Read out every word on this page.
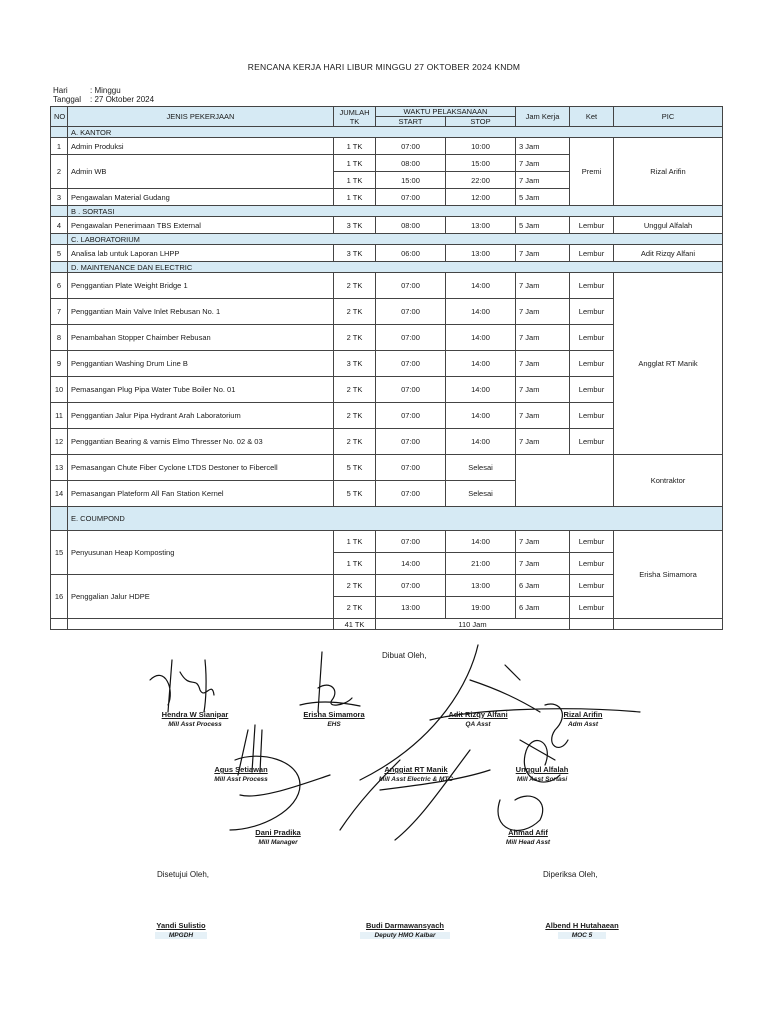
RENCANA KERJA HARI LIBUR MINGGU 27 OKTOBER 2024 KNDM
Hari	: Minggu
Tanggal : 27 Oktober 2024
NO	JENIS PEKERJAAN	JUMLAH TK	WAKTU PELAKSANAAN		Jam Kerja	Ket	PIC
			START	STOP			
	A. KANTOR						
1	Admin Produksi	1 TK	07:00	10:00	3 Jam	Premi	Rizal Arifin
2	Admin WB	1 TK	08:00	15:00	7 Jam		
		1 TK	15:00	22:00	7 Jam		
3	Pengawalan Material Gudang	1 TK	07:00	12:00	5 Jam		
	B . SORTASI						
4	Pengawalan Penerimaan TBS External	3 TK	08:00	13:00	5 Jam	Lembur	Unggul Alfalah
	C. LABORATORIUM						
5	Analisa lab untuk Laporan LHPP	3 TK	06:00	13:00	7 Jam	Lembur	Adit Rizqy Alfani
	D. MAINTENANCE DAN ELECTRIC						
6	Penggantian Plate Weight Bridge 1	2 TK	07:00	14:00	7 Jam	Lembur	Angglat RT Manik
7	Penggantian Main Valve Inlet Rebusan No. 1	2 TK	07:00	14:00	7 Jam	Lembur	
8	Penambahan Stopper Chaimber Rebusan	2 TK	07:00	14:00	7 Jam	Lembur	
9	Penggantian Washing Drum Line B	3 TK	07:00	14:00	7 Jam	Lembur	
10	Pemasangan Plug Pipa Water Tube Boiler No. 01	2 TK	07:00	14:00	7 Jam	Lembur	
11	Penggantian Jalur Pipa Hydrant Arah Laboratorium	2 TK	07:00	14:00	7 Jam	Lembur	
12	Penggantian Bearing & varnis Elmo Thresser No. 02 & 03	2 TK	07:00	14:00	7 Jam	Lembur	
13	Pemasangan Chute Fiber Cyclone LTDS Destoner to Fibercell	5 TK	07:00	Selesai			Kontraktor
14	Pemasangan Plateform All Fan Station Kernel	5 TK	07:00	Selesai			
	E. COUMPOND						
15	Penyusunan Heap Komposting	1 TK	07:00	14:00	7 Jam	Lembur	Erisha Simamora
		1 TK	14:00	21:00	7 Jam	Lembur	
16	Penggalian Jalur HDPE	2 TK	07:00	13:00	6 Jam	Lembur	
		2 TK	13:00	19:00	6 Jam	Lembur	
		41 TK	110 Jam				
Dibuat Oleh,
Hendra W Sianipar
Mill Asst Process
Erisha Simamora
EHS
Adit Rizqy Alfani
QA Asst
Rizal Arifin
Adm Asst
Agus Setiawan
Mill Asst Process
Anggiat RT Manik
Mill Asst Electric & MTC
Unggul Alfalah
Mill Asst Sortasi
Dani Pradika
Mill Manager
Ahmad Afif
Mill Head Asst
Disetujui Oleh,	Diperiksa Oleh,
Yandi Sulistio
MPGDH
Budi Darmawansyach
Deputy HMO Kalbar
Albend H Hutahaean
MOC 5
